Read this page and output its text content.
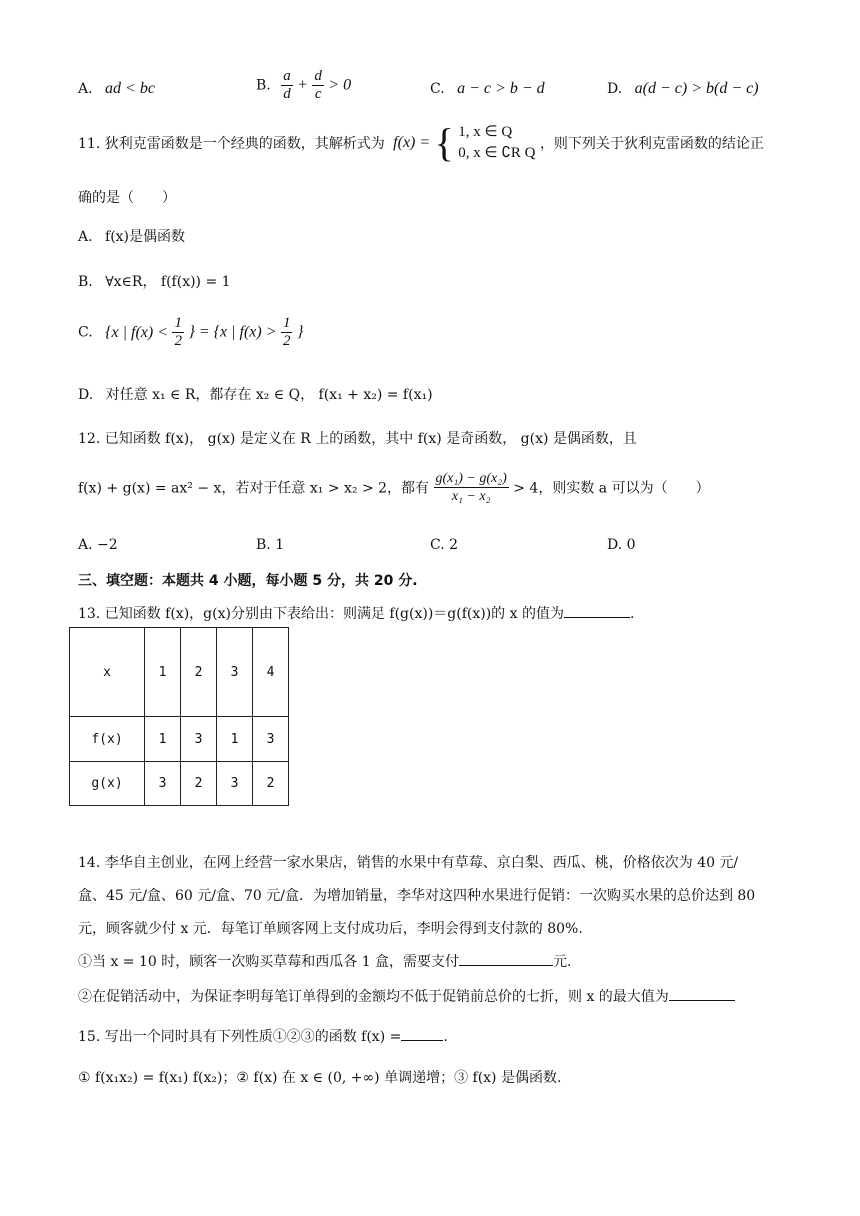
A. ad < bc	B. $\frac{a}{d} + \frac{d}{c} > 0$	C. a − c > b − d	D. a(d − c) > b(d − c)
11. 狄利克雷函数是一个经典的函数，其解析式为 f(x) = { 1, x ∈ Q
0, x ∈ ∁R Q
，则下列关于狄利克雷函数的结论正
确的是（　　）
A. f(x)是偶函数
B. ∀x∈R， f(f(x)) = 1
C. {x | $f(x) < \frac{1}{2}$ } = {x | $f(x) > \frac{1}{2}$ }
D. 对任意 x₁ ∈ R，都存在 x₂ ∈ Q， f(x₁ + x₂) = f(x₁)
12. 已知函数 f(x)， g(x) 是定义在 R 上的函数，其中 f(x) 是奇函数， g(x) 是偶函数，且
f(x) + g(x) = ax² − x，若对于任意 x₁ > x₂ > 2，都有 $\frac{\text{g(x₁) − g(x₂)}}{\text{x₁ − x₂}} > 4$，则实数 a 可以为（　　）
A. −2	B. 1	C. 2	D. 0
三、填空题：本题共 4 小题，每小题 5 分，共 20 分.
13. 已知函数 f(x)，g(x)分别由下表给出：则满足 f(g(x))＝g(f(x))的 x 的值为	.
x	1	2	3	4
f(x)	1	3	1	3
g(x)	3	2	3	2
14. 李华自主创业，在网上经营一家水果店，销售的水果中有草莓、京白梨、西瓜、桃，价格依次为 40 元/
盒、45 元/盒、60 元/盒、70 元/盒．为增加销量，李华对这四种水果进行促销：一次购买水果的总价达到 80
元，顾客就少付 x 元．每笔订单顾客网上支付成功后，李明会得到支付款的 80%.
①当 x = 10 时，顾客一次购买草莓和西瓜各 1 盒，需要支付	元.
②在促销活动中，为保证李明每笔订单得到的金额均不低于促销前总价的七折，则 x 的最大值为
15. 写出一个同时具有下列性质①②③的函数 f(x) =	.
① f(x₁x₂) = f(x₁) f(x₂)；② f(x) 在 x ∈ (0, +∞) 单调递增；③ f(x) 是偶函数.
